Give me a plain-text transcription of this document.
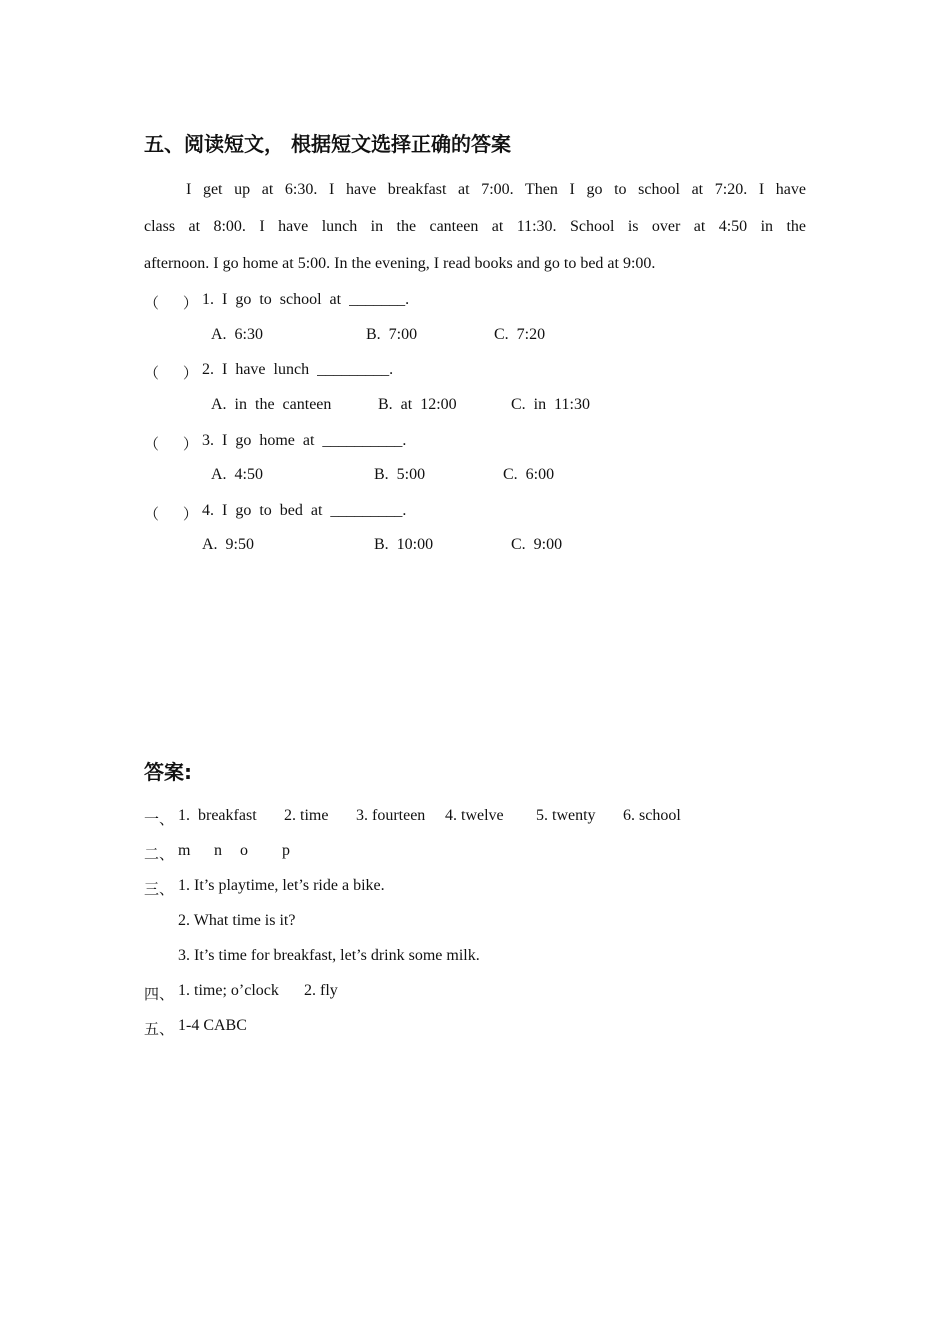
五、阅读短文， 根据短文选择正确的答案
I get up at 6:30. I have breakfast at 7:00. Then I go to school at 7:20. I have
class at 8:00. I have lunch in the canteen at 11:30. School is over at 4:50 in the
afternoon. I go home at 5:00. In the evening, I read books and go to bed at 9:00.
（     ） 1.  I  go  to  school  at  _______.
A.  6:30	B.  7:00	C.  7:20
（     ） 2.  I  have  lunch  _________.
A.  in  the  canteen	B.  at  12:00	C.  in  11:30
（     ） 3.  I  go  home  at  __________.
A.  4:50	B.  5:00	C.  6:00
（     ） 4.  I  go  to  bed  at  _________.
A.  9:50	B.  10:00	C.  9:00
答案:
一、 1.  breakfast 2. time 3. fourteen 4. twelve 5. twenty 6. school
二、 m n o p
三、 1. It’s playtime, let’s ride a bike.
2. What time is it?
3. It’s time for breakfast, let’s drink some milk.
四、 1. time; o’clock 2. fly
五、 1-4 CABC
